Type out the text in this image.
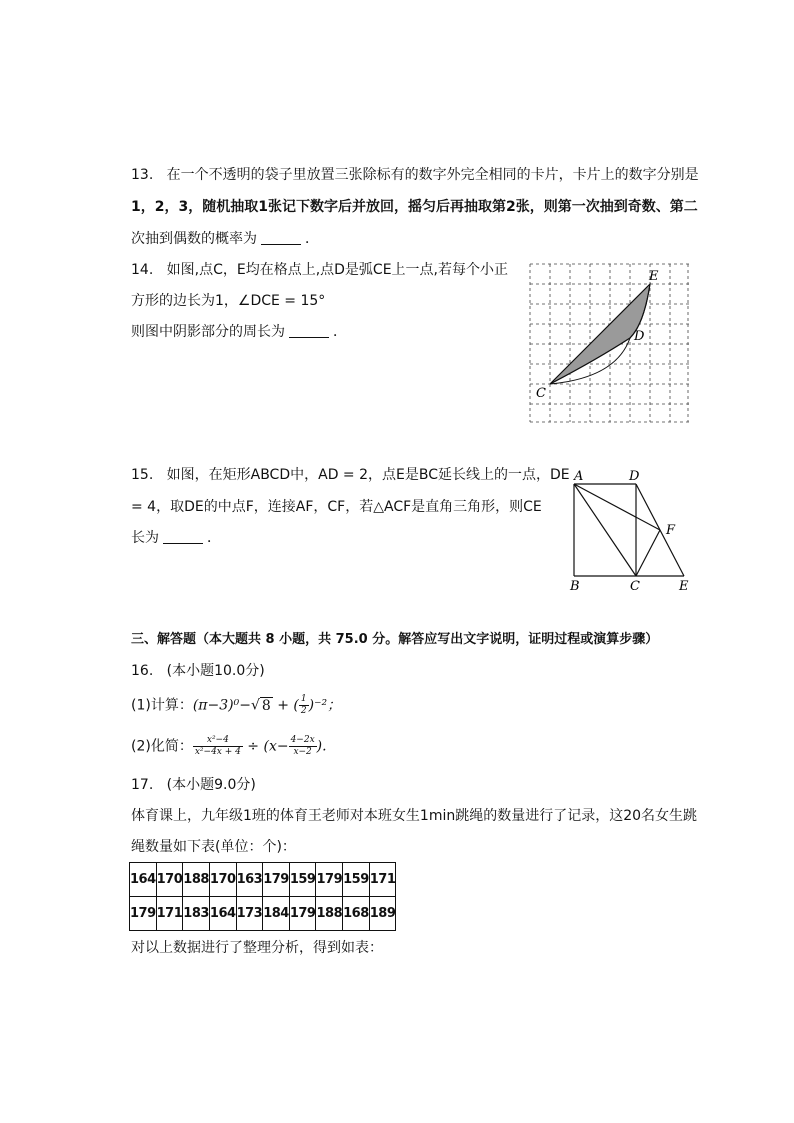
13. 在一个不透明的袋子里放置三张除标有的数字外完全相同的卡片，卡片上的数字分别是
1，2，3，随机抽取1张记下数字后并放回，摇匀后再抽取第2张，则第一次抽到奇数、第二
次抽到偶数的概率为	．
14. 如图,点C，E均在格点上,点D是弧CE上一点,若每个小正
方形的边长为1，∠DCE = 15°
则图中阴影部分的周长为	．
E
D
C
15. 如图，在矩形ABCD中，AD = 2，点E是BC延长线上的一点，DE
= 4，取DE的中点F，连接AF，CF，若△ACF是直角三角形，则CE
长为	．
A	D
F
B	C	E
三、解答题（本大题共 8 小题，共 75.0 分。解答应写出文字说明，证明过程或演算步骤）
16. (本小题10.0分)
(1)计算：(π−3)⁰−√ 8 + ( $\frac{1}{2} )^{-2}$；
(2)化简： $\frac{\text{x²−4}}{\text{x²−4x + 4}} \div (x- \frac{4-2x}{x-2}$ ).
17. (本小题9.0分)
体育课上，九年级1班的体育王老师对本班女生1min跳绳的数量进行了记录，这20名女生跳
绳数量如下表(单位：个)：
164	170	188	170	163	179	159	179	159	171
179	171	183	164	173	184	179	188	168	189
对以上数据进行了整理分析，得到如表：
